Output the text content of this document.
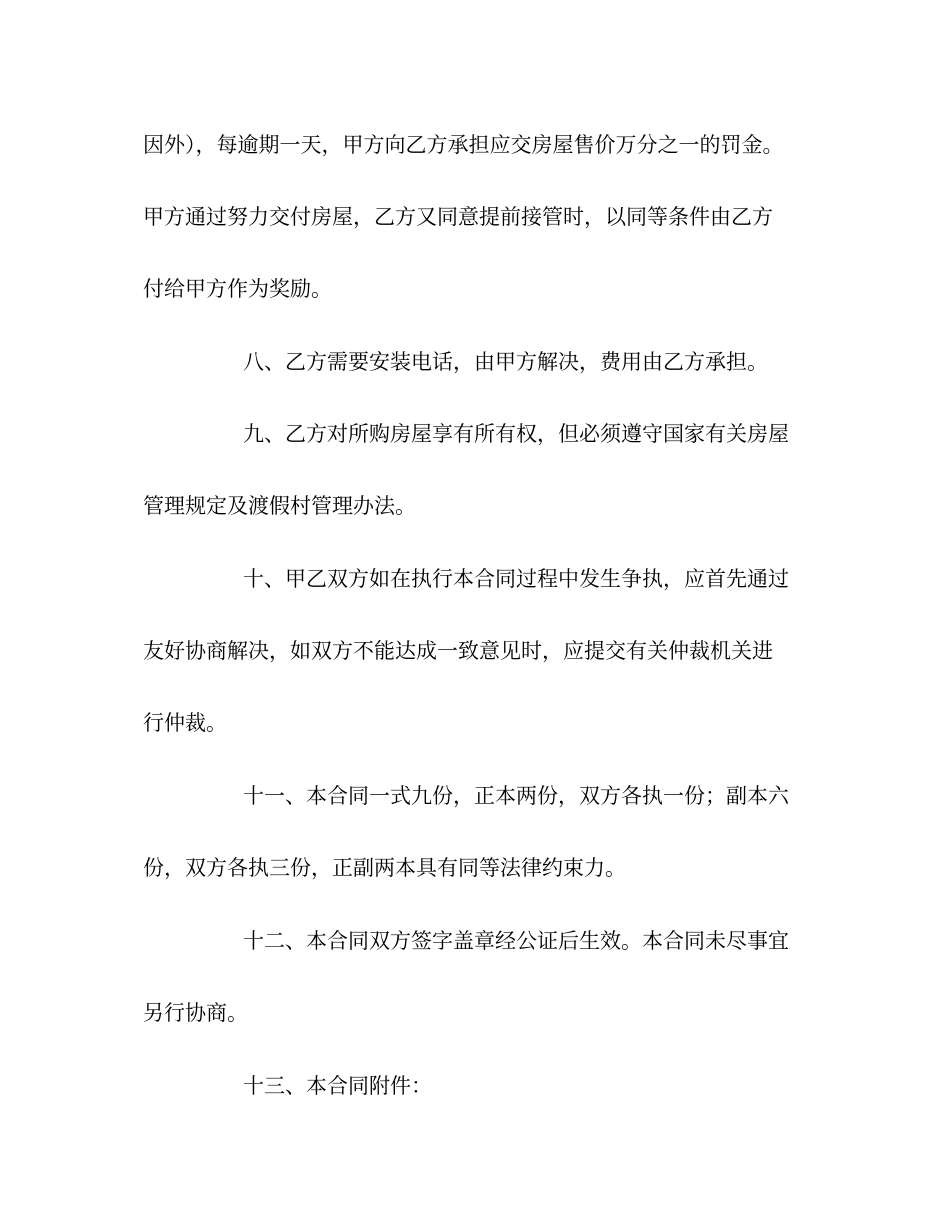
因外），每逾期一天，甲方向乙方承担应交房屋售价万分之一的罚金。
甲方通过努力交付房屋，乙方又同意提前接管时，以同等条件由乙方
付给甲方作为奖励。
八、乙方需要安装电话，由甲方解决，费用由乙方承担。
九、乙方对所购房屋享有所有权，但必须遵守国家有关房屋
管理规定及渡假村管理办法。
十、甲乙双方如在执行本合同过程中发生争执，应首先通过
友好协商解决，如双方不能达成一致意见时，应提交有关仲裁机关进
行仲裁。
十一、本合同一式九份，正本两份，双方各执一份；副本六
份，双方各执三份，正副两本具有同等法律约束力。
十二、本合同双方签字盖章经公证后生效。本合同未尽事宜
另行协商。
十三、本合同附件：
